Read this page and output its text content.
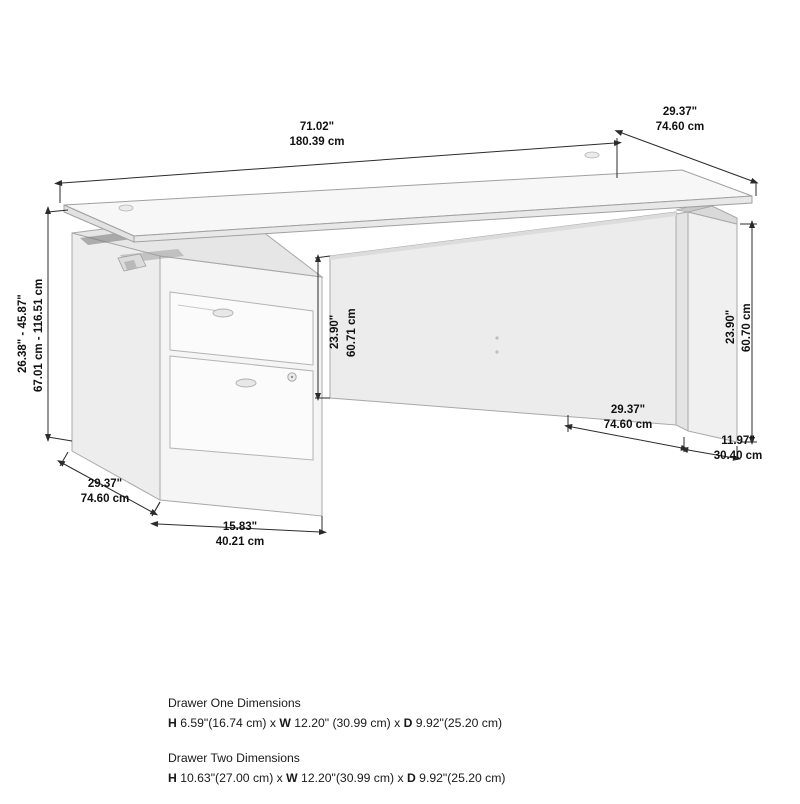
71.02"
180.39 cm
29.37"
74.60 cm
26.38" - 45.87" 67.01 cm - 116.51 cm	23.90" 60.71 cm	23.90" 60.70 cm
29.37"
74.60 cm
11.97"
30.40 cm
29.37"
74.60 cm
15.83"
40.21 cm
Drawer One Dimensions
H 6.59"(16.74 cm) x W 12.20" (30.99 cm) x D 9.92"(25.20 cm)
Drawer Two Dimensions
H 10.63"(27.00 cm) x W 12.20"(30.99 cm) x D 9.92"(25.20 cm)
